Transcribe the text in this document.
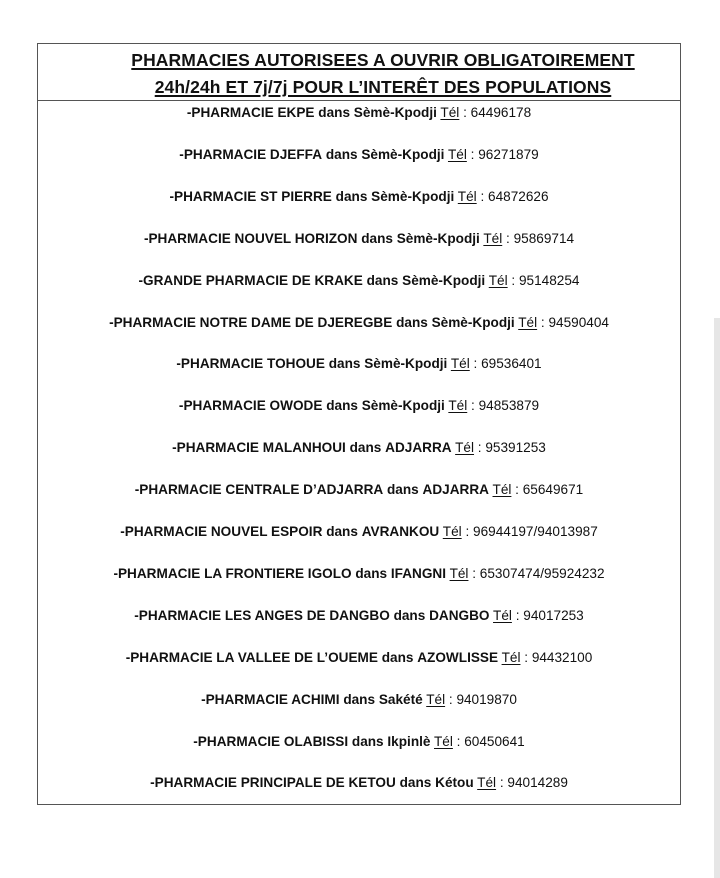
PHARMACIES AUTORISEES A OUVRIR OBLIGATOIREMENT
24h/24h ET 7j/7j POUR L’INTERÊT DES POPULATIONS
-PHARMACIE EKPE dans Sèmè-Kpodji Tél : 64496178
-PHARMACIE DJEFFA dans Sèmè-Kpodji Tél : 96271879
-PHARMACIE ST PIERRE dans Sèmè-Kpodji Tél : 64872626
-PHARMACIE NOUVEL HORIZON dans Sèmè-Kpodji Tél : 95869714
-GRANDE PHARMACIE DE KRAKE dans Sèmè-Kpodji Tél : 95148254
-PHARMACIE NOTRE DAME DE DJEREGBE dans Sèmè-Kpodji Tél : 94590404
-PHARMACIE TOHOUE dans Sèmè-Kpodji Tél : 69536401
-PHARMACIE OWODE dans Sèmè-Kpodji Tél : 94853879
-PHARMACIE MALANHOUI dans ADJARRA Tél : 95391253
-PHARMACIE CENTRALE D’ADJARRA dans ADJARRA Tél : 65649671
-PHARMACIE NOUVEL ESPOIR dans AVRANKOU Tél : 96944197/94013987
-PHARMACIE LA FRONTIERE IGOLO dans IFANGNI Tél : 65307474/95924232
-PHARMACIE LES ANGES DE DANGBO dans DANGBO Tél : 94017253
-PHARMACIE LA VALLEE DE L’OUEME dans AZOWLISSE Tél : 94432100
-PHARMACIE ACHIMI dans Sakété Tél : 94019870
-PHARMACIE OLABISSI dans Ikpinlè Tél : 60450641
-PHARMACIE PRINCIPALE DE KETOU dans Kétou Tél : 94014289
